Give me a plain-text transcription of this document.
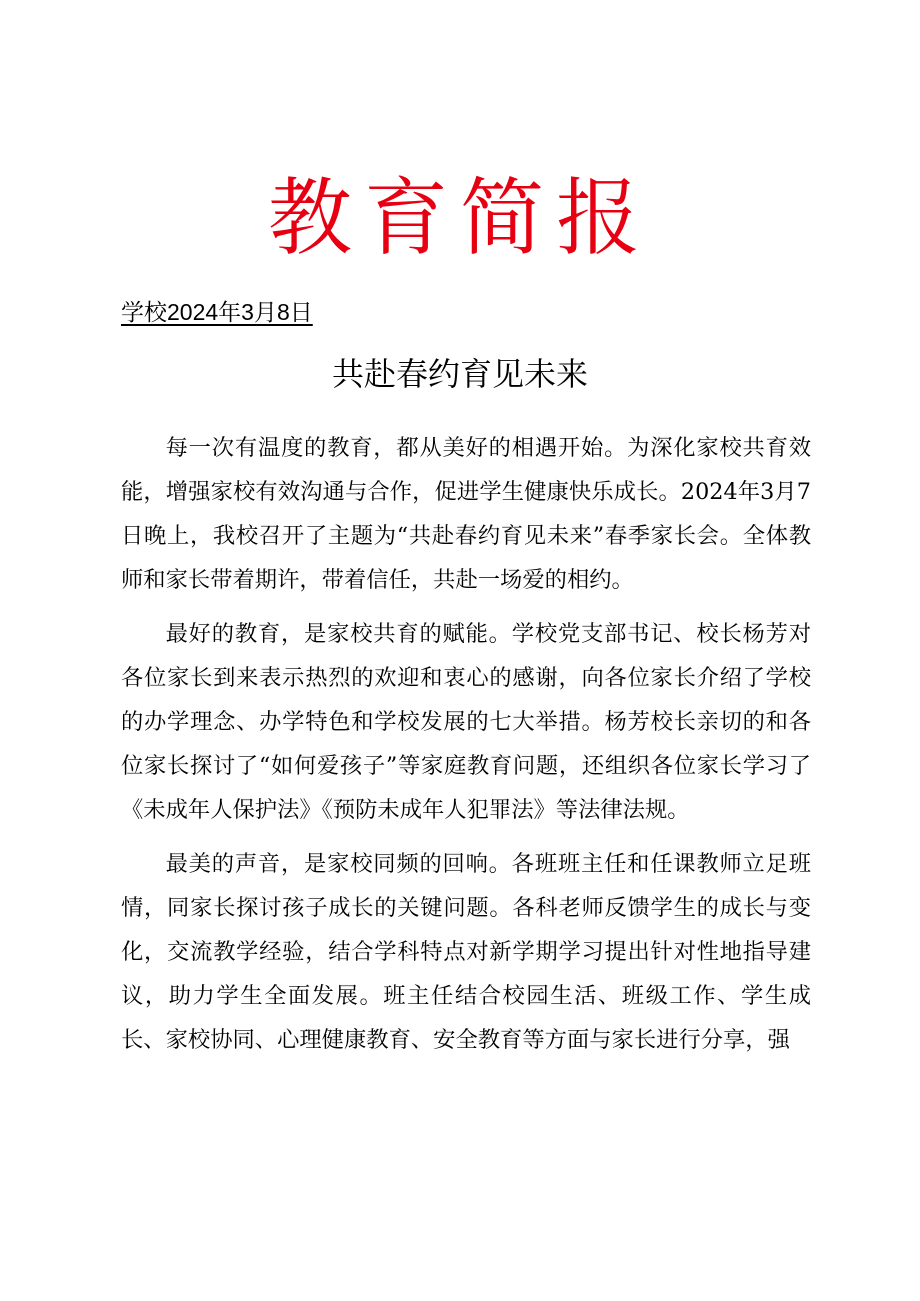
教育简报
学校2024年3月8日
共赴春约育见未来

每一次有温度的教育，都从美好的相遇开始。为深化家校共育效能，增强家校有效沟通与合作，促进学生健康快乐成长。2024年3月7日晚上，我校召开了主题为“共赴春约育见未来”春季家长会。全体教师和家长带着期许，带着信任，共赴一场爱的相约。

最好的教育，是家校共育的赋能。学校党支部书记、校长杨芳对各位家长到来表示热烈的欢迎和衷心的感谢，向各位家长介绍了学校的办学理念、办学特色和学校发展的七大举措。杨芳校长亲切的和各位家长探讨了“如何爱孩子”等家庭教育问题，还组织各位家长学习了《未成年人保护法》《预防未成年人犯罪法》等法律法规。

最美的声音，是家校同频的回响。各班班主任和任课教师立足班情，同家长探讨孩子成长的关键问题。各科老师反馈学生的成长与变化，交流教学经验，结合学科特点对新学期学习提出针对性地指导建议，助力学生全面发展。班主任结合校园生活、班级工作、学生成长、家校协同、心理健康教育、安全教育等方面与家长进行分享，强
